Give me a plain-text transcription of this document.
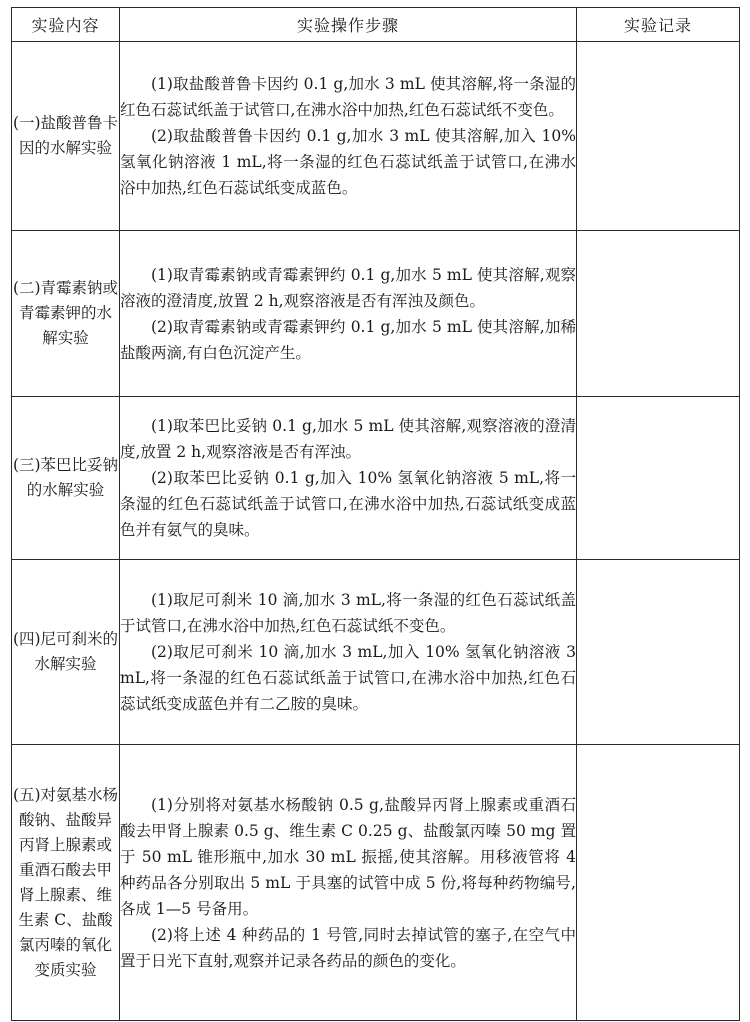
实验内容	实验操作步骤	实验记录
(一)盐酸普鲁卡因的水解实验	(1)取盐酸普鲁卡因约 0.1 g,加水 3 mL 使其溶解,将一条湿的红色石蕊试纸盖于试管口,在沸水浴中加热,红色石蕊试纸不变色。

(2)取盐酸普鲁卡因约 0.1 g,加水 3 mL 使其溶解,加入 10% 氢氧化钠溶液 1 mL,将一条湿的红色石蕊试纸盖于试管口,在沸水浴中加热,红色石蕊试纸变成蓝色。	

(二)青霉素钠或青霉素钾的水解实验	(1)取青霉素钠或青霉素钾约 0.1 g,加水 5 mL 使其溶解,观察溶液的澄清度,放置 2 h,观察溶液是否有浑浊及颜色。

(2)取青霉素钠或青霉素钾约 0.1 g,加水 5 mL 使其溶解,加稀盐酸两滴,有白色沉淀产生。	

(三)苯巴比妥钠的水解实验	(1)取苯巴比妥钠 0.1 g,加水 5 mL 使其溶解,观察溶液的澄清度,放置 2 h,观察溶液是否有浑浊。

(2)取苯巴比妥钠 0.1 g,加入 10% 氢氧化钠溶液 5 mL,将一条湿的红色石蕊试纸盖于试管口,在沸水浴中加热,石蕊试纸变成蓝色并有氨气的臭味。	

(四)尼可刹米的水解实验	(1)取尼可刹米 10 滴,加水 3 mL,将一条湿的红色石蕊试纸盖于试管口,在沸水浴中加热,红色石蕊试纸不变色。

(2)取尼可刹米 10 滴,加水 3 mL,加入 10% 氢氧化钠溶液 3 mL,将一条湿的红色石蕊试纸盖于试管口,在沸水浴中加热,红色石蕊试纸变成蓝色并有二乙胺的臭味。	

(五)对氨基水杨酸钠、盐酸异丙肾上腺素或重酒石酸去甲肾上腺素、维生素 C、盐酸氯丙嗪的氧化变质实验	(1)分别将对氨基水杨酸钠 0.5 g,盐酸异丙肾上腺素或重酒石酸去甲肾上腺素 0.5 g、维生素 C 0.25 g、盐酸氯丙嗪 50 mg 置于 50 mL 锥形瓶中,加水 30 mL 振摇,使其溶解。用移液管将 4 种药品各分别取出 5 mL 于具塞的试管中成 5 份,将每种药物编号,各成 1—5 号备用。

(2)将上述 4 种药品的 1 号管,同时去掉试管的塞子,在空气中置于日光下直射,观察并记录各药品的颜色的变化。	
